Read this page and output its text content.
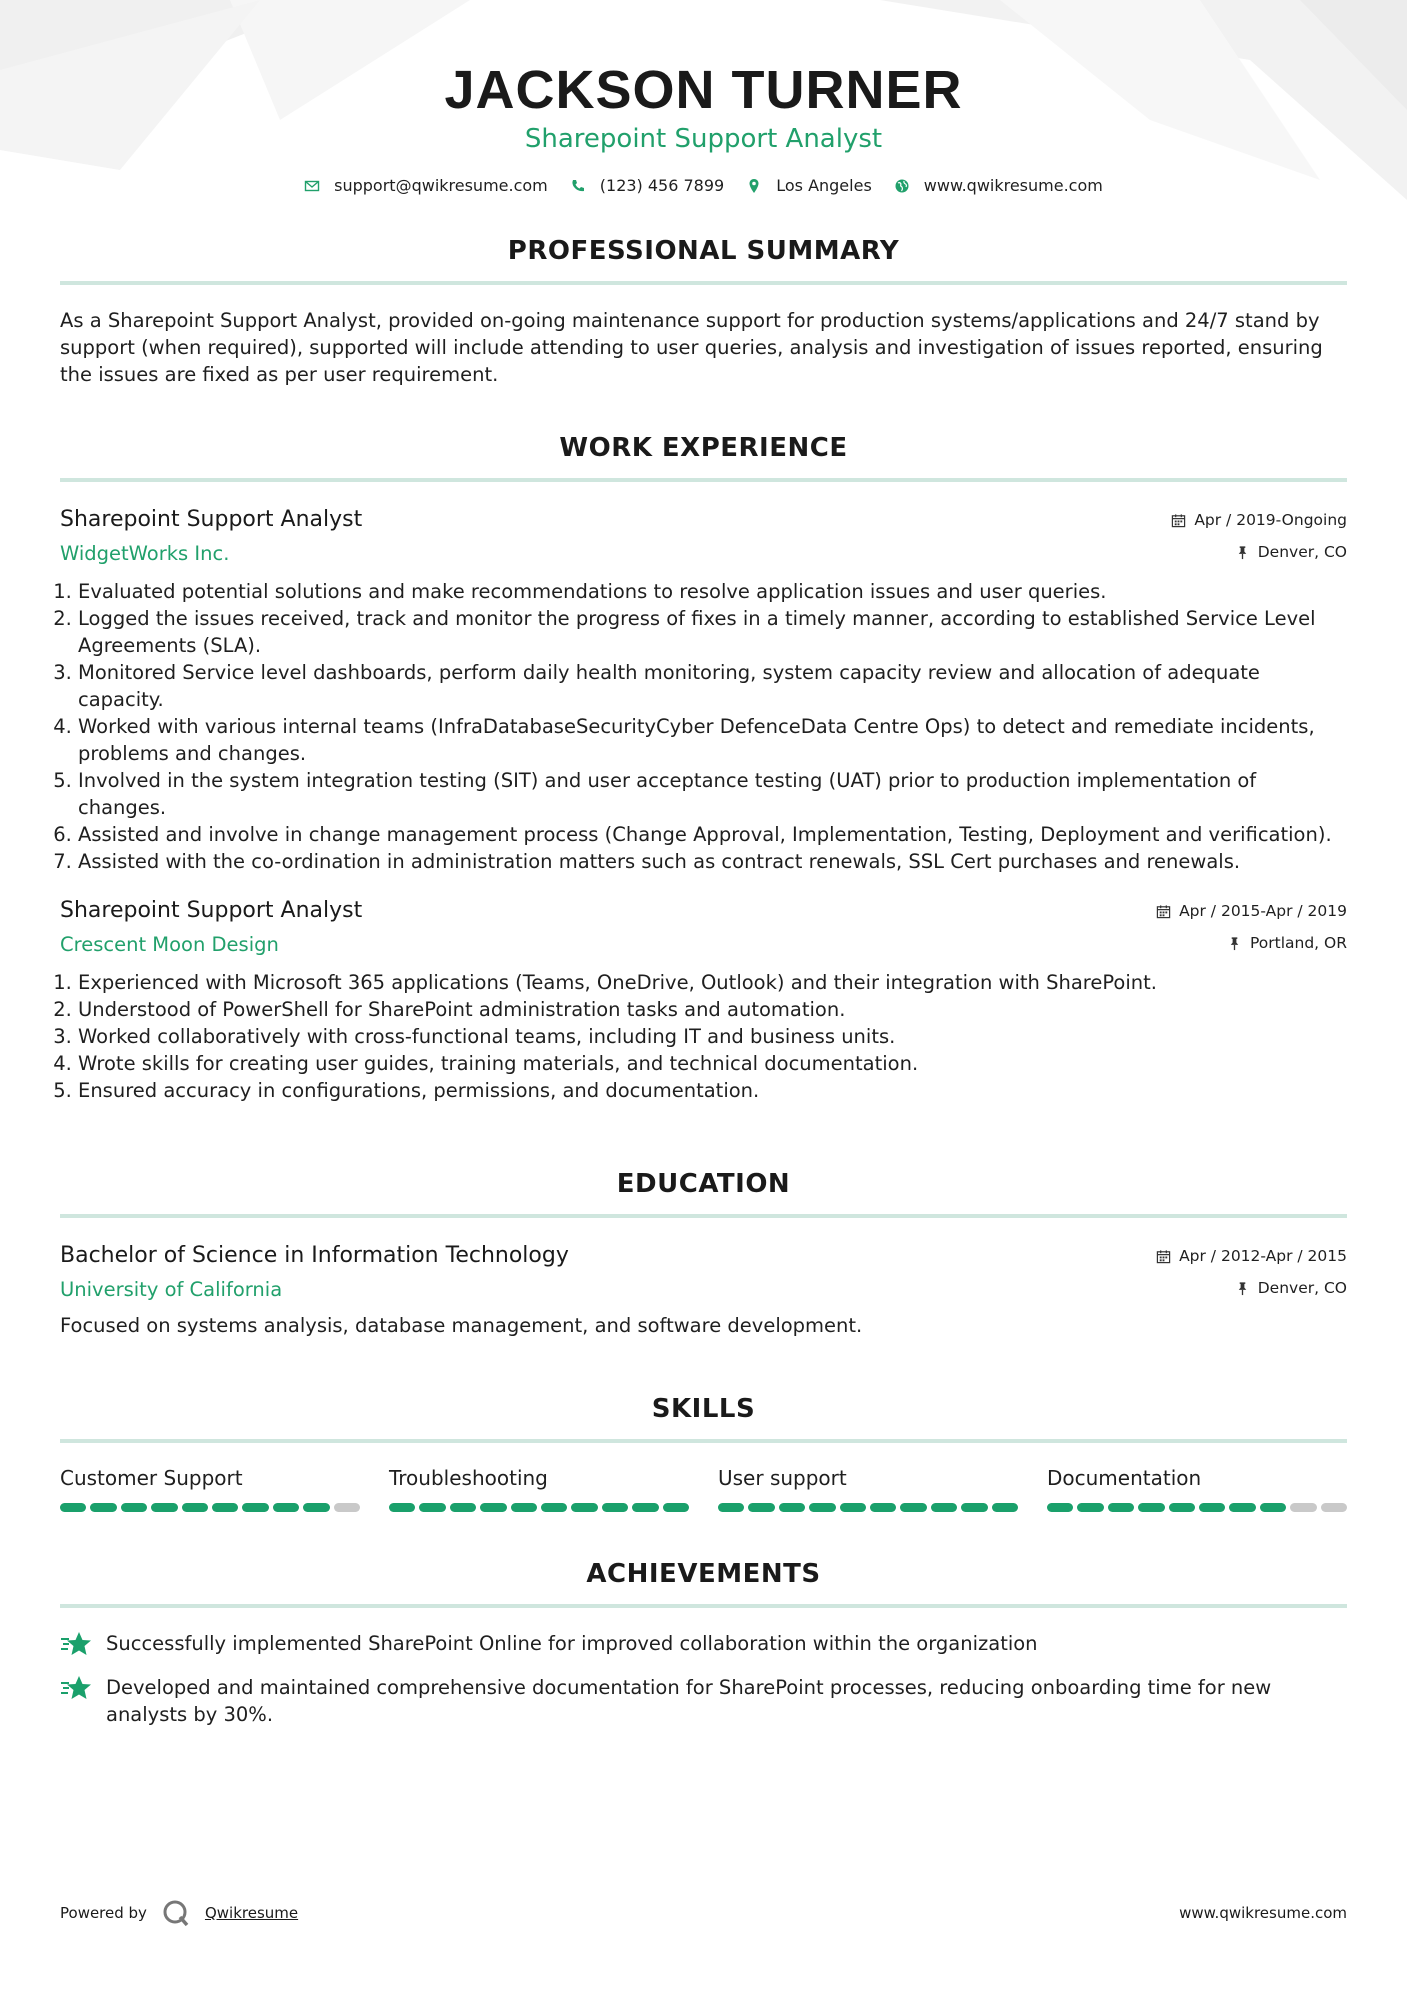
JACKSON TURNER
Sharepoint Support Analyst
support@qwikresume.com	(123) 456 7899	Los Angeles	www.qwikresume.com
PROFESSIONAL SUMMARY
As a Sharepoint Support Analyst, provided on-going maintenance support for production systems/applications and 24/7 stand by support (when required), supported will include attending to user queries, analysis and investigation of issues reported, ensuring the issues are fixed as per user requirement.
WORK EXPERIENCE
Sharepoint Support Analyst
WidgetWorks Inc.
Apr / 2019-Ongoing
Denver, CO
1. Evaluated potential solutions and make recommendations to resolve application issues and user queries.
2. Logged the issues received, track and monitor the progress of fixes in a timely manner, according to established Service Level Agreements (SLA).
3. Monitored Service level dashboards, perform daily health monitoring, system capacity review and allocation of adequate capacity.
4. Worked with various internal teams (InfraDatabaseSecurityCyber DefenceData Centre Ops) to detect and remediate incidents, problems and changes.
5. Involved in the system integration testing (SIT) and user acceptance testing (UAT) prior to production implementation of changes.
6. Assisted and involve in change management process (Change Approval, Implementation, Testing, Deployment and verification).
7. Assisted with the co-ordination in administration matters such as contract renewals, SSL Cert purchases and renewals.
Sharepoint Support Analyst
Crescent Moon Design
Apr / 2015-Apr / 2019
Portland, OR
1. Experienced with Microsoft 365 applications (Teams, OneDrive, Outlook) and their integration with SharePoint.
2. Understood of PowerShell for SharePoint administration tasks and automation.
3. Worked collaboratively with cross-functional teams, including IT and business units.
4. Wrote skills for creating user guides, training materials, and technical documentation.
5. Ensured accuracy in configurations, permissions, and documentation.
EDUCATION
Bachelor of Science in Information Technology
University of California
Apr / 2012-Apr / 2015
Denver, CO
Focused on systems analysis, database management, and software development.
SKILLS
Customer Support	Troubleshooting	User support	Documentation
ACHIEVEMENTS
Successfully implemented SharePoint Online for improved collaboration within the organization
Developed and maintained comprehensive documentation for SharePoint processes, reducing onboarding time for new analysts by 30%.
Powered by	Qwikresume	www.qwikresume.com
